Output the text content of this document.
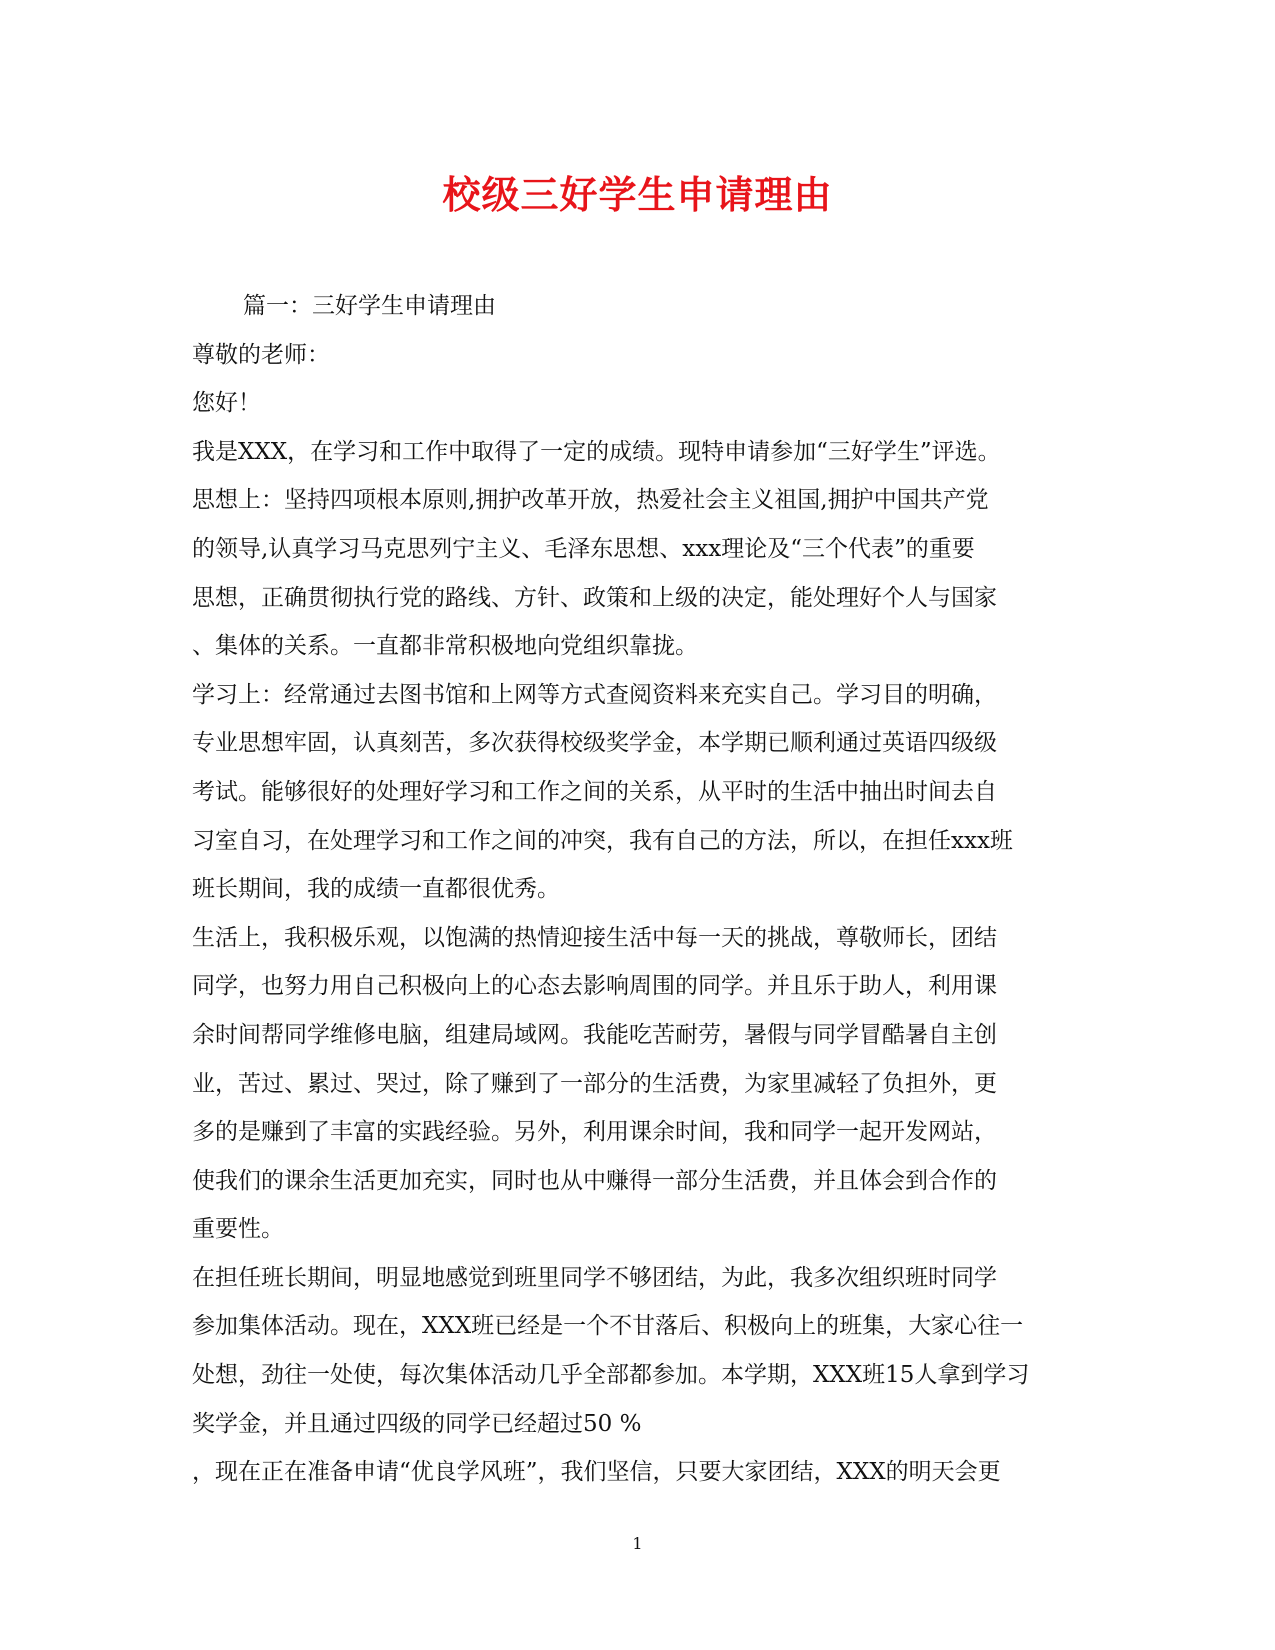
校级三好学生申请理由
篇一：三好学生申请理由
尊敬的老师：
您好！
我是XXX，在学习和工作中取得了一定的成绩。现特申请参加“三好学生”评选。
思想上：坚持四项根本原则,拥护改革开放，热爱社会主义祖国,拥护中国共产党
的领导,认真学习马克思列宁主义、毛泽东思想、xxx理论及“三个代表”的重要
思想，正确贯彻执行党的路线、方针、政策和上级的决定，能处理好个人与国家
、集体的关系。一直都非常积极地向党组织靠拢。
学习上：经常通过去图书馆和上网等方式查阅资料来充实自己。学习目的明确，
专业思想牢固，认真刻苦，多次获得校级奖学金，本学期已顺利通过英语四级级
考试。能够很好的处理好学习和工作之间的关系，从平时的生活中抽出时间去自
习室自习，在处理学习和工作之间的冲突，我有自己的方法，所以，在担任xxx班
班长期间，我的成绩一直都很优秀。
生活上，我积极乐观，以饱满的热情迎接生活中每一天的挑战，尊敬师长，团结
同学，也努力用自己积极向上的心态去影响周围的同学。并且乐于助人，利用课
余时间帮同学维修电脑，组建局域网。我能吃苦耐劳，暑假与同学冒酷暑自主创
业，苦过、累过、哭过，除了赚到了一部分的生活费，为家里减轻了负担外，更
多的是赚到了丰富的实践经验。另外，利用课余时间，我和同学一起开发网站，
使我们的课余生活更加充实，同时也从中赚得一部分生活费，并且体会到合作的
重要性。
在担任班长期间，明显地感觉到班里同学不够团结，为此，我多次组织班时同学
参加集体活动。现在，XXX班已经是一个不甘落后、积极向上的班集，大家心往一
处想，劲往一处使，每次集体活动几乎全部都参加。本学期，XXX班15人拿到学习
奖学金，并且通过四级的同学已经超过50 %
，现在正在准备申请“优良学风班”，我们坚信，只要大家团结，XXX的明天会更
1
